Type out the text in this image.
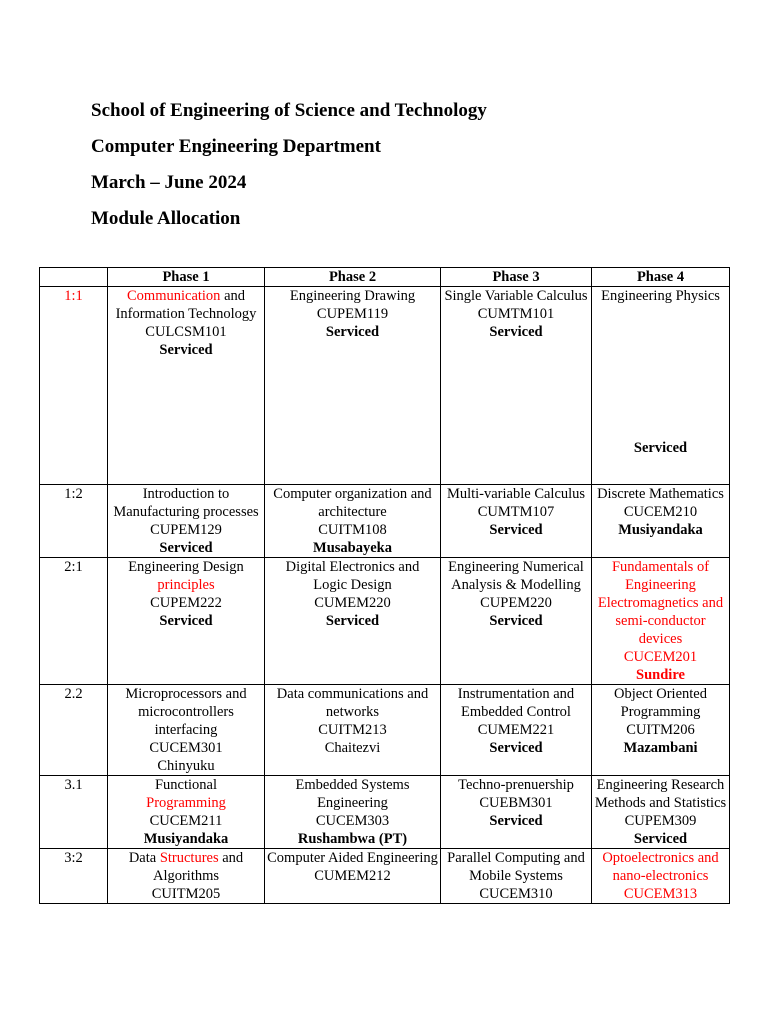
School of Engineering of Science and Technology
Computer Engineering Department
March – June 2024
Module Allocation
	Phase 1	Phase 2	Phase 3	Phase 4
1:1	Communication and Information Technology
CULCSM101
Serviced	Engineering Drawing
CUPEM119
Serviced	Single Variable Calculus
CUMTM101
Serviced	Engineering Physics
Serviced

1:2	Introduction to Manufacturing processes
CUPEM129
Serviced	Computer organization and architecture
CUITM108
Musabayeka	Multi-variable Calculus
CUMTM107
Serviced	Discrete Mathematics
CUCEM210
Musiyandaka
2:1	Engineering Design
principles
CUPEM222
Serviced	Digital Electronics and Logic Design
CUMEM220
Serviced	Engineering Numerical Analysis & Modelling
CUPEM220
Serviced	Fundamentals of Engineering Electromagnetics and semi-conductor devices
CUCEM201
Sundire
2.2	Microprocessors and microcontrollers interfacing
CUCEM301
Chinyuku	Data communications and networks
CUITM213
Chaitezvi	Instrumentation and Embedded Control
CUMEM221
Serviced	Object Oriented Programming
CUITM206
Mazambani
3.1	Functional
Programming
CUCEM211
Musiyandaka	Embedded Systems Engineering
CUCEM303
Rushambwa (PT)	Techno-prenuership
CUEBM301
Serviced	Engineering Research Methods and Statistics
CUPEM309
Serviced
3:2	Data Structures and Algorithms
CUITM205	Computer Aided Engineering
CUMEM212	Parallel Computing and Mobile Systems
CUCEM310	Optoelectronics and nano-electronics
CUCEM313
